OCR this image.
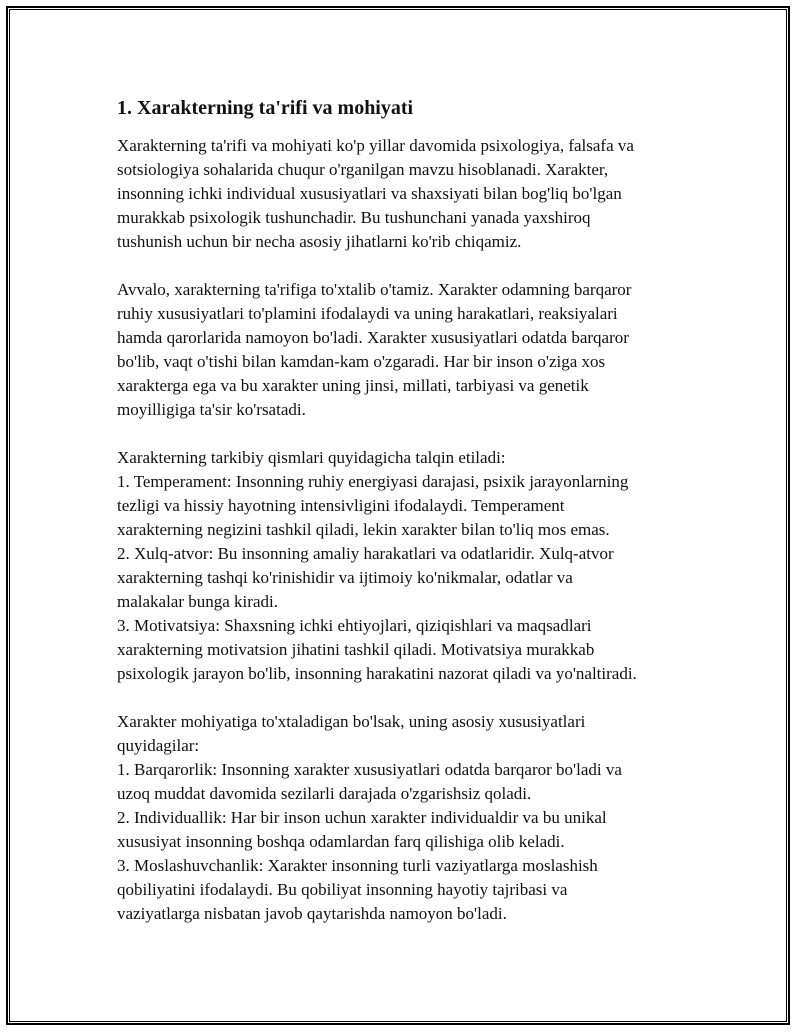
1. Xarakterning ta'rifi va mohiyati
Xarakterning ta'rifi va mohiyati ko'p yillar davomida psixologiya, falsafa va
sotsiologiya sohalarida chuqur o'rganilgan mavzu hisoblanadi. Xarakter,
insonning ichki individual xususiyatlari va shaxsiyati bilan bog'liq bo'lgan
murakkab psixologik tushunchadir. Bu tushunchani yanada yaxshiroq
tushunish uchun bir necha asosiy jihatlarni ko'rib chiqamiz.
Avvalo, xarakterning ta'rifiga to'xtalib o'tamiz. Xarakter odamning barqaror
ruhiy xususiyatlari to'plamini ifodalaydi va uning harakatlari, reaksiyalari
hamda qarorlarida namoyon bo'ladi. Xarakter xususiyatlari odatda barqaror
bo'lib, vaqt o'tishi bilan kamdan-kam o'zgaradi. Har bir inson o'ziga xos
xarakterga ega va bu xarakter uning jinsi, millati, tarbiyasi va genetik
moyilligiga ta'sir ko'rsatadi.
Xarakterning tarkibiy qismlari quyidagicha talqin etiladi:
1. Temperament: Insonning ruhiy energiyasi darajasi, psixik jarayonlarning
tezligi va hissiy hayotning intensivligini ifodalaydi. Temperament
xarakterning negizini tashkil qiladi, lekin xarakter bilan to'liq mos emas.
2. Xulq-atvor: Bu insonning amaliy harakatlari va odatlaridir. Xulq-atvor
xarakterning tashqi ko'rinishidir va ijtimoiy ko'nikmalar, odatlar va
malakalar bunga kiradi.
3. Motivatsiya: Shaxsning ichki ehtiyojlari, qiziqishlari va maqsadlari
xarakterning motivatsion jihatini tashkil qiladi. Motivatsiya murakkab
psixologik jarayon bo'lib, insonning harakatini nazorat qiladi va yo'naltiradi.
Xarakter mohiyatiga to'xtaladigan bo'lsak, uning asosiy xususiyatlari
quyidagilar:
1. Barqarorlik: Insonning xarakter xususiyatlari odatda barqaror bo'ladi va
uzoq muddat davomida sezilarli darajada o'zgarishsiz qoladi.
2. Individuallik: Har bir inson uchun xarakter individualdir va bu unikal
xususiyat insonning boshqa odamlardan farq qilishiga olib keladi.
3. Moslashuvchanlik: Xarakter insonning turli vaziyatlarga moslashish
qobiliyatini ifodalaydi. Bu qobiliyat insonning hayotiy tajribasi va
vaziyatlarga nisbatan javob qaytarishda namoyon bo'ladi.
